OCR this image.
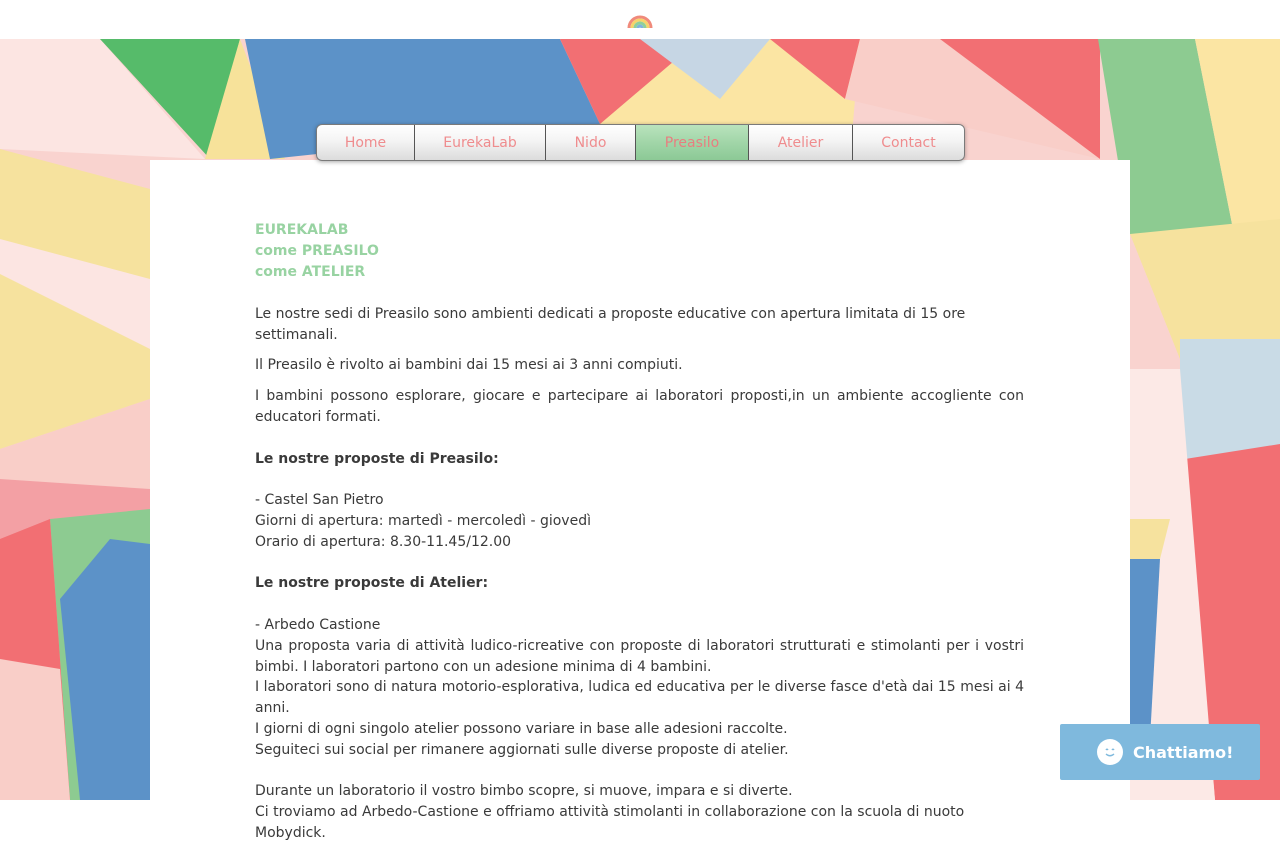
Home	EurekaLab	Nido	Preasilo	Atelier	Contact
EUREKALAB
come PREASILO
come ATELIER

Le nostre sedi di Preasilo sono ambienti dedicati a proposte educative con apertura limitata di 15 ore settimanali.

Il Preasilo è rivolto ai bambini dai 15 mesi ai 3 anni compiuti.

I bambini possono esplorare, giocare e partecipare ai laboratori proposti,in un ambiente accogliente con educatori formati.

Le nostre proposte di Preasilo:

- Castel San Pietro

Giorni di apertura: martedì - mercoledì - giovedì

Orario di apertura: 8.30-11.45/12.00

Le nostre proposte di Atelier:

- Arbedo Castione

Una proposta varia di attività ludico-ricreative con proposte di laboratori strutturati e stimolanti per i vostri bimbi. I laboratori partono con un adesione minima di 4 bambini.

I laboratori sono di natura motorio-esplorativa, ludica ed educativa per le diverse fasce d'età dai 15 mesi ai 4 anni.

I giorni di ogni singolo atelier possono variare in base alle adesioni raccolte.

Seguiteci sui social per rimanere aggiornati sulle diverse proposte di atelier.

Durante un laboratorio il vostro bimbo scopre, si muove, impara e si diverte.

Ci troviamo ad Arbedo-Castione e offriamo attività stimolanti in collaborazione con la scuola di nuoto Mobydick.

Chattiamo!
